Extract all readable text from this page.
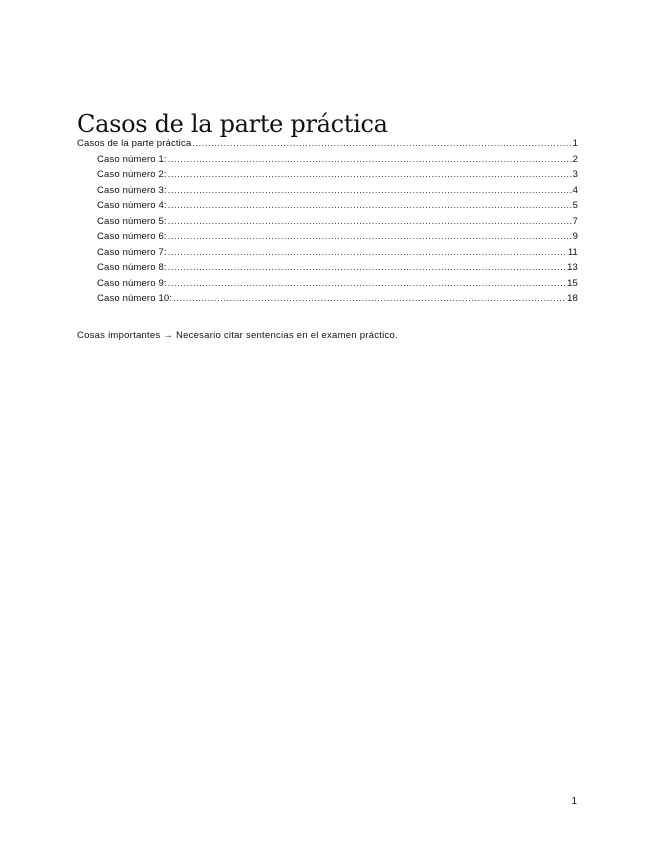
Casos de la parte práctica
Casos de la parte práctica .....	1
Caso número 1: .....	2
Caso número 2: .....	3
Caso número 3: .....	4
Caso número 4: .....	5
Caso número 5: .....	7
Caso número 6: .....	9
Caso número 7: .....	11
Caso número 8: .....	13
Caso número 9: .....	15
Caso número 10: .....	18

Cosas importantes → Necesario citar sentencias en el examen práctico.

1
